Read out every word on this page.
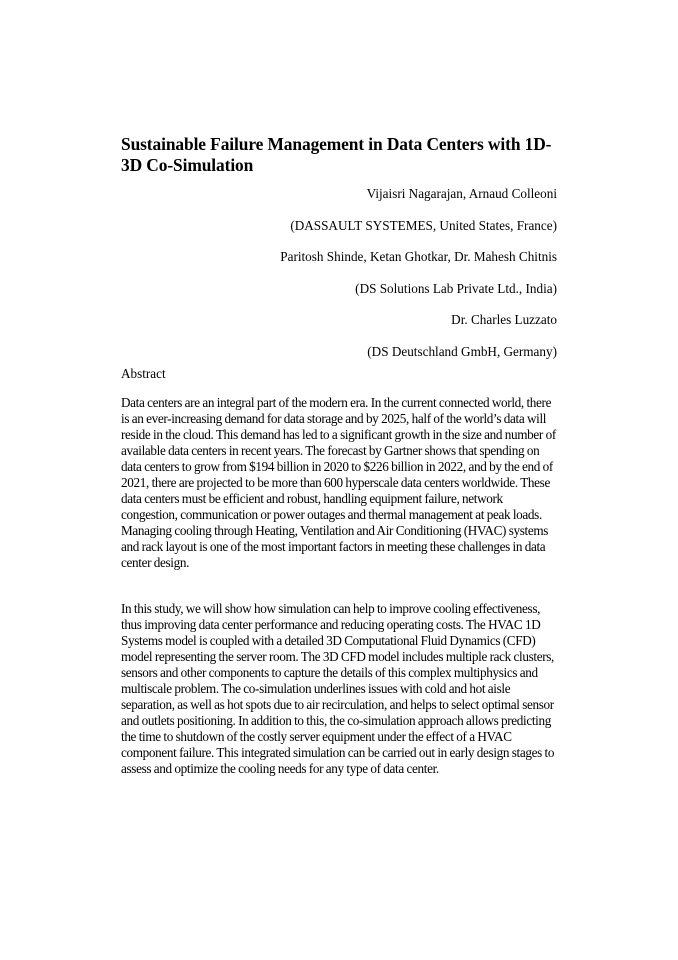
Sustainable Failure Management in Data Centers with 1D-3D Co-Simulation
Vijaisri Nagarajan, Arnaud Colleoni
(DASSAULT SYSTEMES, United States, France)
Paritosh Shinde, Ketan Ghotkar, Dr. Mahesh Chitnis
(DS Solutions Lab Private Ltd., India)
Dr. Charles Luzzato
(DS Deutschland GmbH, Germany)
Abstract

Data centers are an integral part of the modern era. In the current connected world, there is an ever-increasing demand for data storage and by 2025, half of the world’s data will reside in the cloud. This demand has led to a significant growth in the size and number of available data centers in recent years. The forecast by Gartner shows that spending on data centers to grow from $194 billion in 2020 to $226 billion in 2022, and by the end of 2021, there are projected to be more than 600 hyperscale data centers worldwide. These data centers must be efficient and robust, handling equipment failure, network congestion, communication or power outages and thermal management at peak loads. Managing cooling through Heating, Ventilation and Air Conditioning (HVAC) systems and rack layout is one of the most important factors in meeting these challenges in data center design.

In this study, we will show how simulation can help to improve cooling effectiveness, thus improving data center performance and reducing operating costs. The HVAC 1D Systems model is coupled with a detailed 3D Computational Fluid Dynamics (CFD) model representing the server room. The 3D CFD model includes multiple rack clusters, sensors and other components to capture the details of this complex multiphysics and multiscale problem. The co-simulation underlines issues with cold and hot aisle separation, as well as hot spots due to air recirculation, and helps to select optimal sensor and outlets positioning. In addition to this, the co-simulation approach allows predicting the time to shutdown of the costly server equipment under the effect of a HVAC component failure. This integrated simulation can be carried out in early design stages to assess and optimize the cooling needs for any type of data center.
